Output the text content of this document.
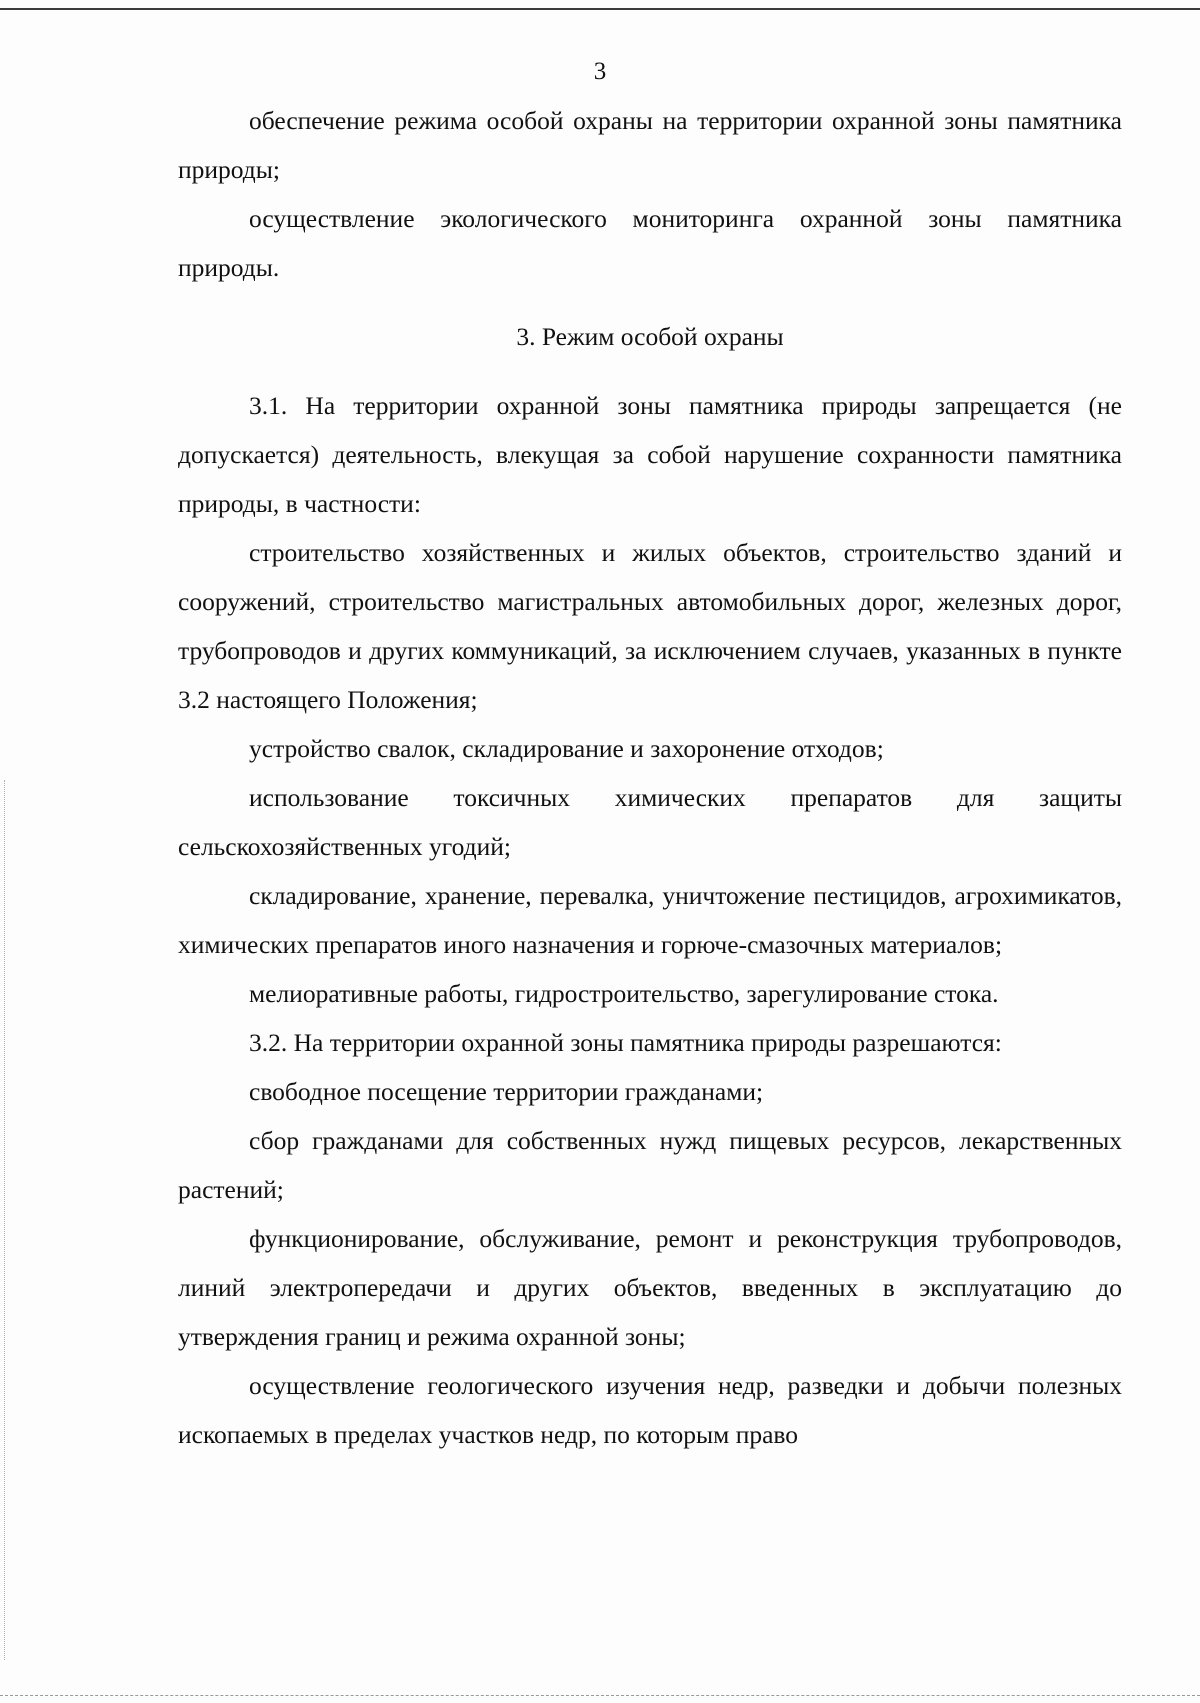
3

обеспечение режима особой охраны на территории охранной зоны памятника природы;

осуществление экологического мониторинга охранной зоны памятника природы.

3. Режим особой охраны

3.1. На территории охранной зоны памятника природы запрещается (не допускается) деятельность, влекущая за собой нарушение сохранности памятника природы, в частности:

строительство хозяйственных и жилых объектов, строительство зданий и сооружений, строительство магистральных автомобильных дорог, железных дорог, трубопроводов и других коммуникаций, за исключением случаев, указанных в пункте 3.2 настоящего Положения;

устройство свалок, складирование и захоронение отходов;

использование токсичных химических препаратов для защиты сельскохозяйственных угодий;

складирование, хранение, перевалка, уничтожение пестицидов, агрохимикатов, химических препаратов иного назначения и горюче-смазочных материалов;

мелиоративные работы, гидростроительство, зарегулирование стока.

3.2. На территории охранной зоны памятника природы разрешаются:

свободное посещение территории гражданами;

сбор гражданами для собственных нужд пищевых ресурсов, лекарственных растений;

функционирование, обслуживание, ремонт и реконструкция трубопроводов, линий электропередачи и других объектов, введенных в эксплуатацию до утверждения границ и режима охранной зоны;

осуществление геологического изучения недр, разведки и добычи полезных ископаемых в пределах участков недр, по которым право
